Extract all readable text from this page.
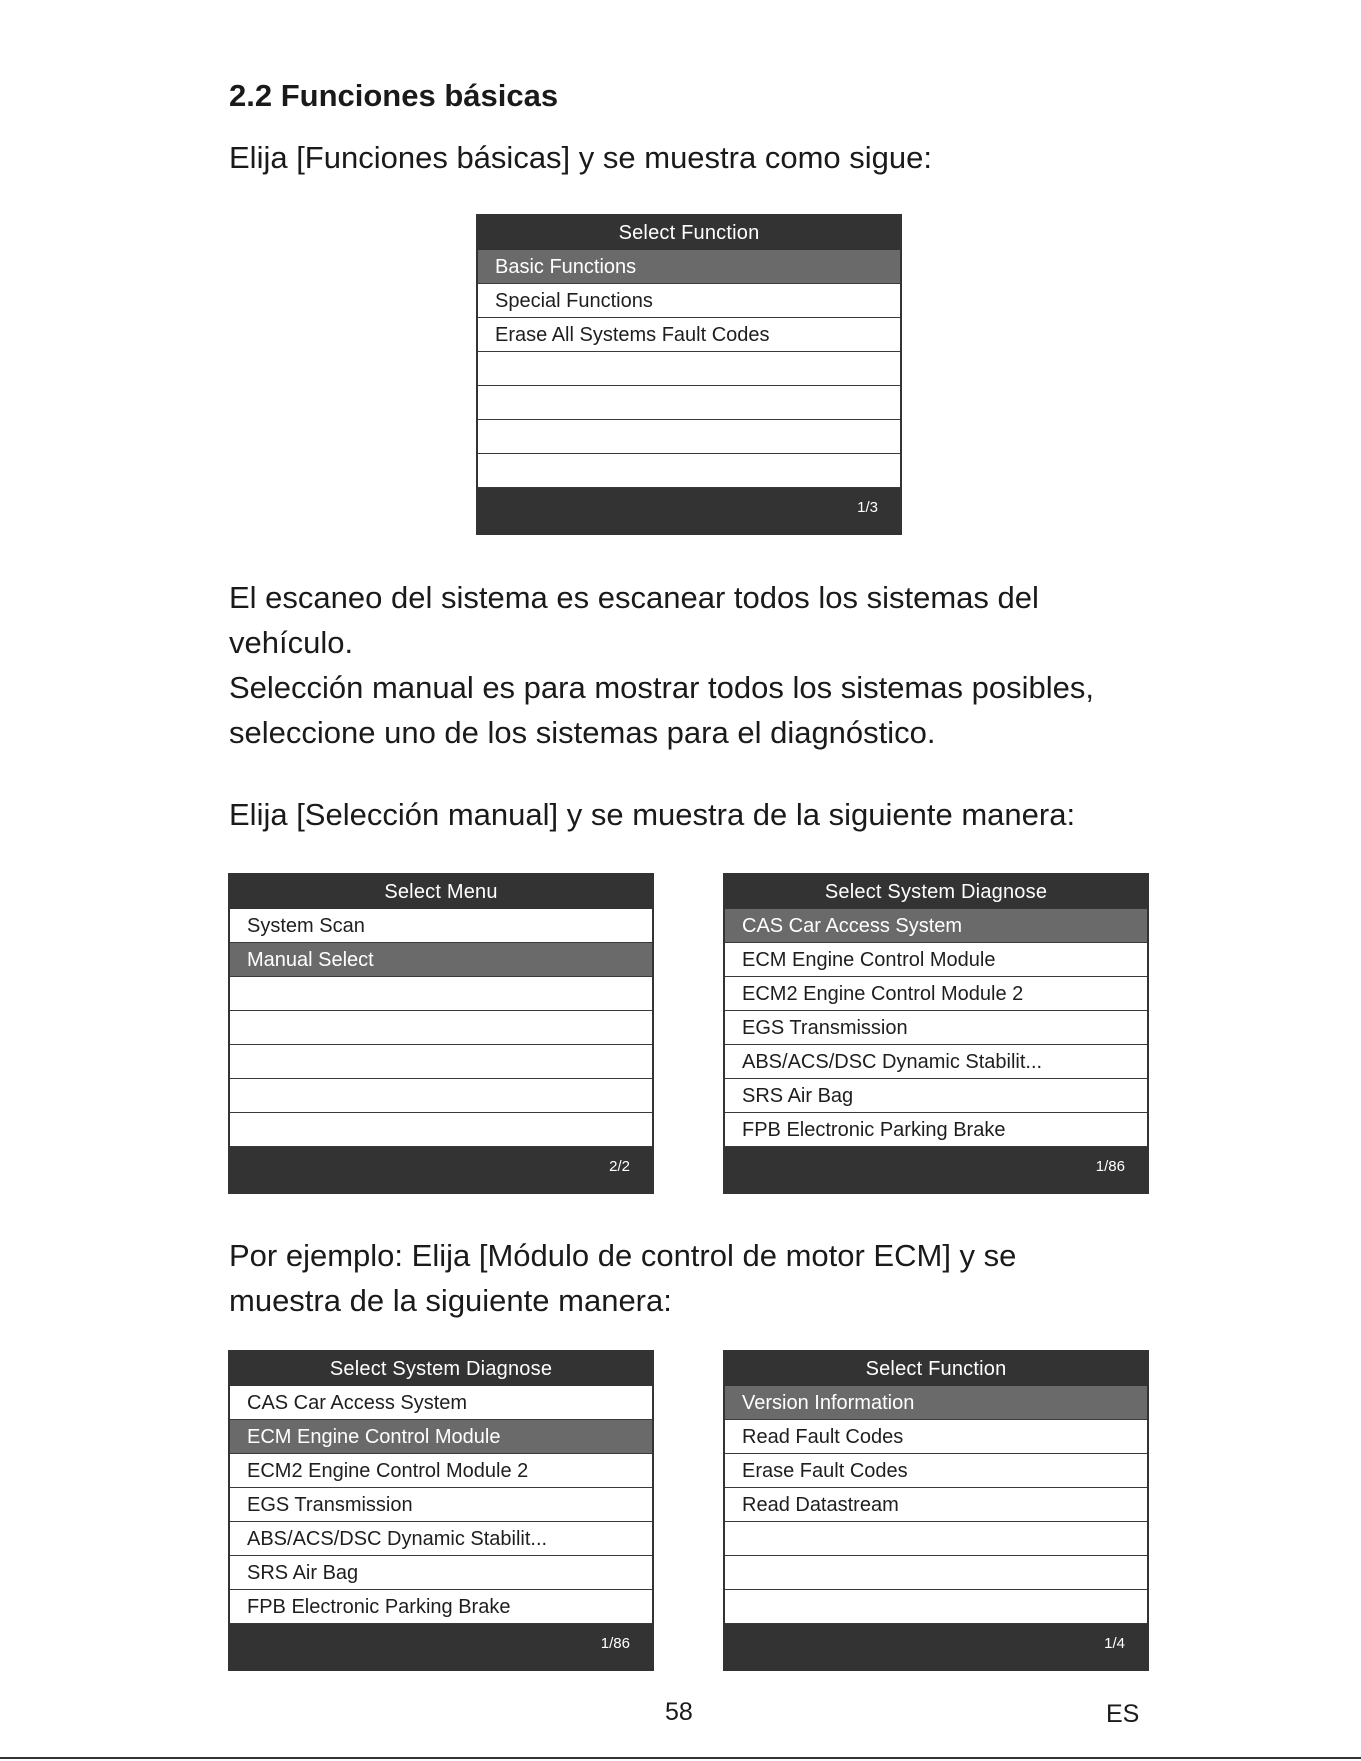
2.2 Funciones básicas

Elija [Funciones básicas] y se muestra como sigue:

Select Function
Basic Functions
Special Functions
Erase All Systems Fault Codes
1/3

El escaneo del sistema es escanear todos los sistemas del
vehículo.
Selección manual es para mostrar todos los sistemas posibles,
seleccione uno de los sistemas para el diagnóstico.

Elija [Selección manual] y se muestra de la siguiente manera:

Select Menu
System Scan
Manual Select
2/2
Select System Diagnose
CAS Car Access System
ECM Engine Control Module
ECM2 Engine Control Module 2
EGS Transmission
ABS/ACS/DSC Dynamic Stabilit...
SRS Air Bag
FPB Electronic Parking Brake
1/86

Por ejemplo: Elija [Módulo de control de motor ECM] y se
muestra de la siguiente manera:

Select System Diagnose
CAS Car Access System
ECM Engine Control Module
ECM2 Engine Control Module 2
EGS Transmission
ABS/ACS/DSC Dynamic Stabilit...
SRS Air Bag
FPB Electronic Parking Brake
1/86
Select Function
Version Information
Read Fault Codes
Erase Fault Codes
Read Datastream
1/4
58	ES
